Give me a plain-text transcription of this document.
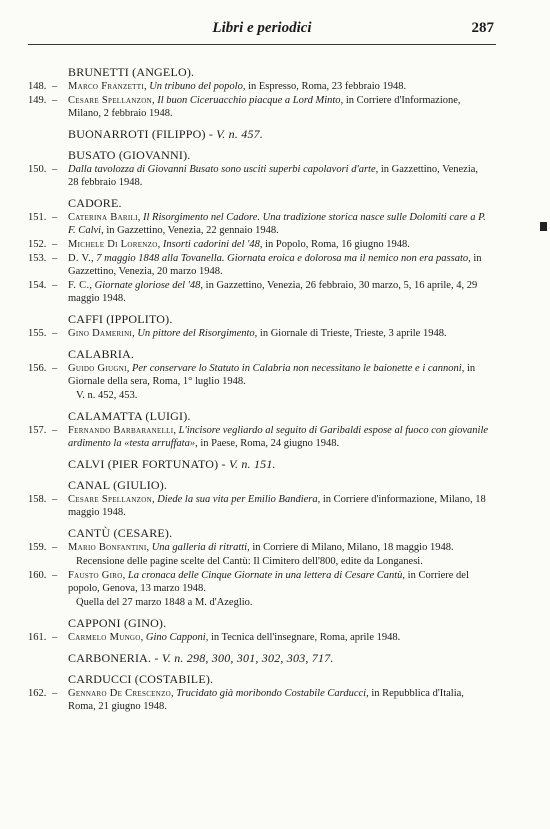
Libri e periodici	287
BRUNETTI (ANGELO).
148. – Marco Franzetti, Un tribuno del popolo, in Espresso, Roma, 23 febbraio 1948.
149. – Cesare Spellanzon, Il buon Ciceruacchio piacque a Lord Minto, in Corriere d'Informazione, Milano, 2 febbraio 1948.
BUONARROTI (FILIPPO) - V. n. 457.
BUSATO (GIOVANNI).
150. – Dalla tavolozza di Giovanni Busato sono usciti superbi capolavori d'arte, in Gazzettino, Venezia, 28 febbraio 1948.
CADORE.
151. – Caterina Barili, Il Risorgimento nel Cadore. Una tradizione storica nasce sulle Dolomiti care a P. F. Calvi, in Gazzettino, Venezia, 22 gennaio 1948.
152. – Michele Di Lorenzo, Insorti cadorini del '48, in Popolo, Roma, 16 giugno 1948.
153. – D. V., 7 maggio 1848 alla Tovanella. Giornata eroica e dolorosa ma il nemico non era passato, in Gazzettino, Venezia, 20 marzo 1948.
154. – F. C., Giornate gloriose del '48, in Gazzettino, Venezia, 26 febbraio, 30 marzo, 5, 16 aprile, 4, 29 maggio 1948.
CAFFI (IPPOLITO).
155. – Gino Damerini, Un pittore del Risorgimento, in Giornale di Trieste, Trieste, 3 aprile 1948.
CALABRIA.
156. – Guido Giugni, Per conservare lo Statuto in Calabria non necessitano le baionette e i cannoni, in Giornale della sera, Roma, 1° luglio 1948.
V. n. 452, 453.
CALAMATTA (LUIGI).
157. – Fernando Barbaranelli, L'incisore vegliardo al seguito di Garibaldi espose al fuoco con giovanile ardimento la «testa arruffata», in Paese, Roma, 24 giugno 1948.
CALVI (PIER FORTUNATO) - V. n. 151.
CANAL (GIULIO).
158. – Cesare Spellanzon, Diede la sua vita per Emilio Bandiera, in Corriere d'informazione, Milano, 18 maggio 1948.
CANTÙ (CESARE).
159. – Mario Bonfantini, Una galleria di ritratti, in Corriere di Milano, Milano, 18 maggio 1948.
Recensione delle pagine scelte del Cantù: Il Cimitero dell'800, edite da Longanesi.
160. – Fausto Giro, La cronaca delle Cinque Giornate in una lettera di Cesare Cantù, in Corriere del popolo, Genova, 13 marzo 1948.
Quella del 27 marzo 1848 a M. d'Azeglio.
CAPPONI (GINO).
161. – Carmelo Mungo, Gino Capponi, in Tecnica dell'insegnare, Roma, aprile 1948.
CARBONERIA. - V. n. 298, 300, 301, 302, 303, 717.
CARDUCCI (COSTABILE).
162. – Gennaro De Crescenzo, Trucidato già moribondo Costabile Carducci, in Repubblica d'Italia, Roma, 21 giugno 1948.
